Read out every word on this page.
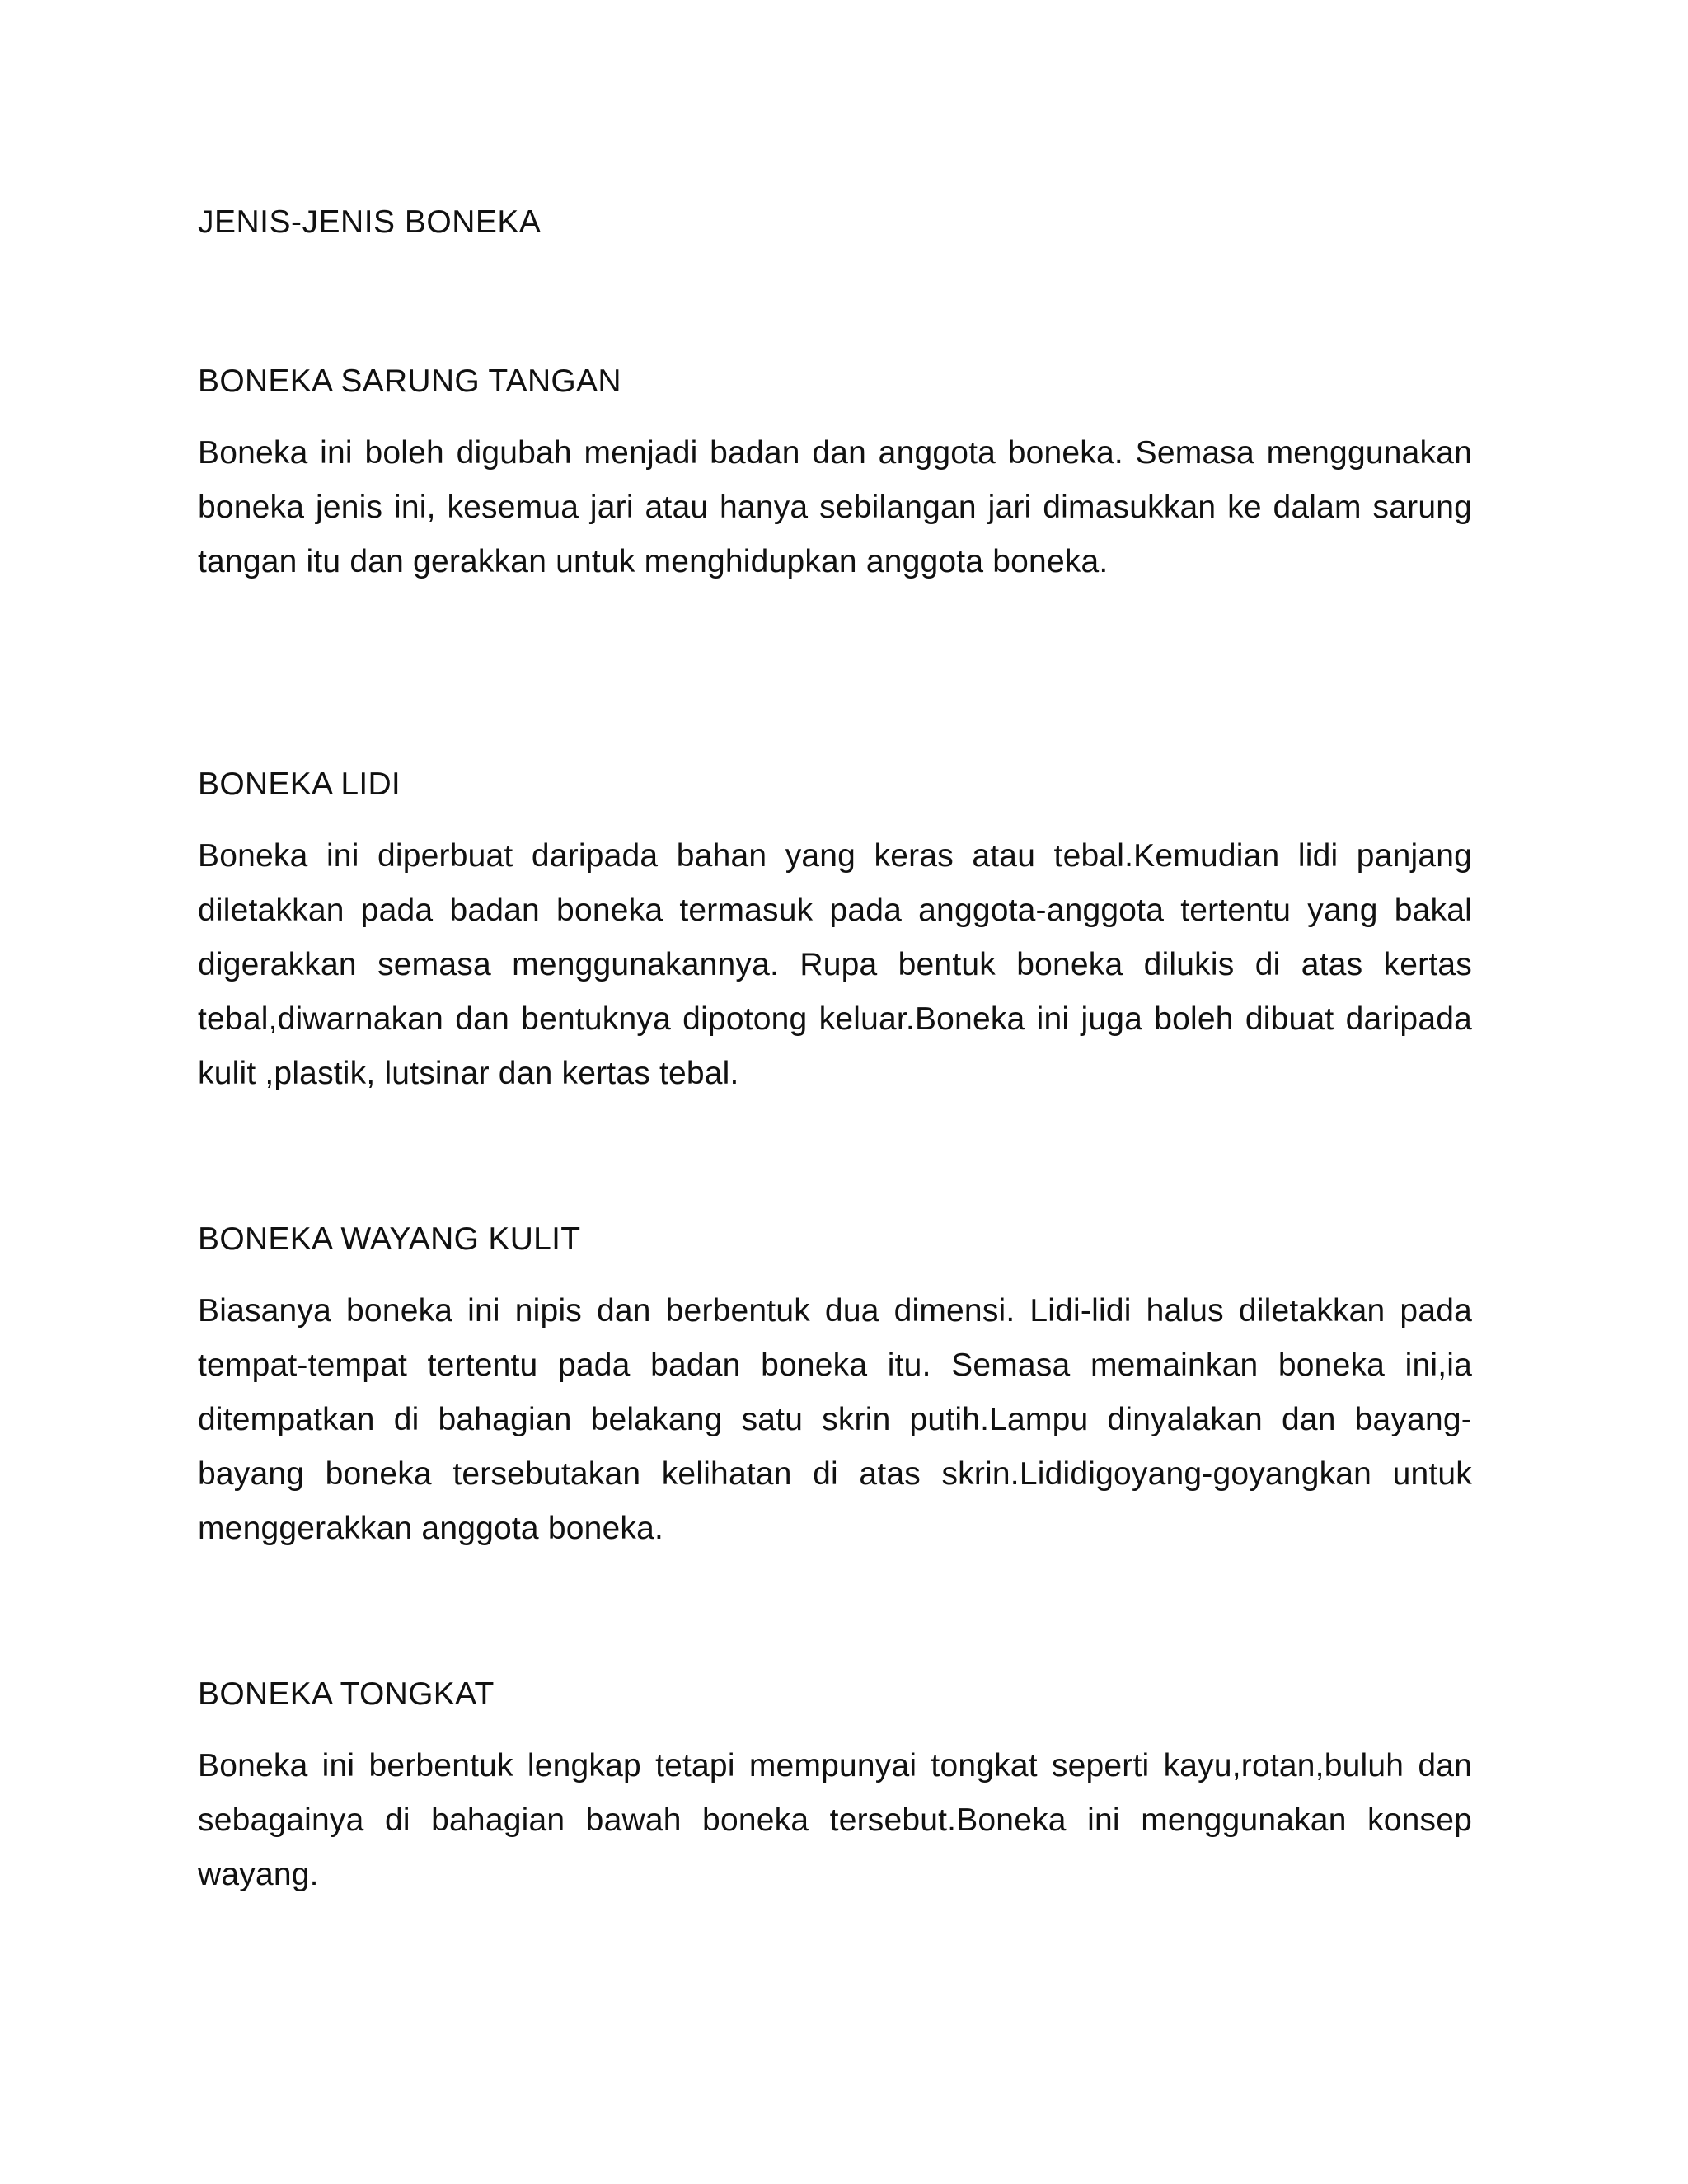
JENIS-JENIS BONEKA
BONEKA SARUNG TANGAN

Boneka ini boleh digubah menjadi badan dan anggota boneka. Semasa menggunakan boneka jenis ini, kesemua jari atau hanya sebilangan jari dimasukkan ke dalam sarung tangan itu dan gerakkan untuk menghidupkan anggota boneka.

BONEKA LIDI

Boneka ini diperbuat daripada bahan yang keras atau tebal.Kemudian lidi panjang diletakkan pada badan boneka termasuk pada anggota-anggota tertentu yang bakal digerakkan semasa menggunakannya. Rupa bentuk boneka dilukis di atas kertas tebal,diwarnakan dan bentuknya dipotong keluar.Boneka ini juga boleh dibuat daripada kulit ,plastik, lutsinar dan kertas tebal.

BONEKA WAYANG KULIT

Biasanya boneka ini nipis dan berbentuk dua dimensi. Lidi-lidi halus diletakkan pada tempat-tempat tertentu pada badan boneka itu. Semasa memainkan boneka ini,ia ditempatkan di bahagian belakang satu skrin putih.Lampu dinyalakan dan bayang-bayang boneka tersebutakan kelihatan di atas skrin.Lididigoyang-goyangkan untuk menggerakkan anggota boneka.

BONEKA TONGKAT

Boneka ini berbentuk lengkap tetapi mempunyai tongkat seperti kayu,rotan,buluh dan sebagainya di bahagian bawah boneka tersebut.Boneka ini menggunakan konsep wayang.
